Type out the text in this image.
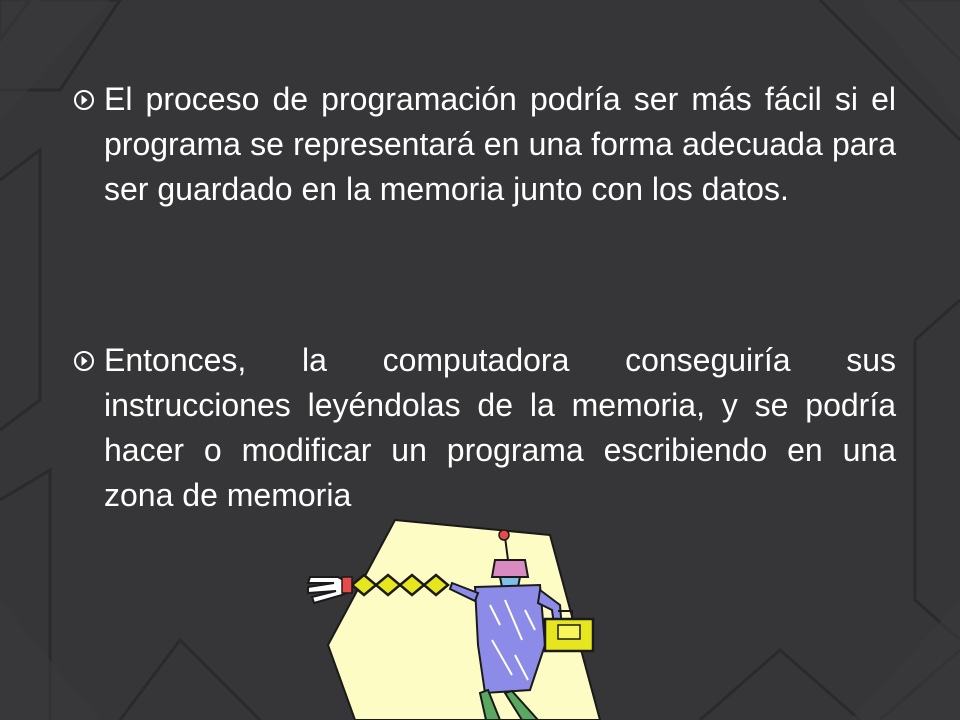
El proceso de programación podría ser más fácil si el programa se representará en una forma adecuada para ser guardado en la memoria junto con los datos.

Entonces, la computadora conseguiría sus instrucciones leyéndolas de la memoria, y se podría hacer o modificar un programa escribiendo en una zona de memoria
